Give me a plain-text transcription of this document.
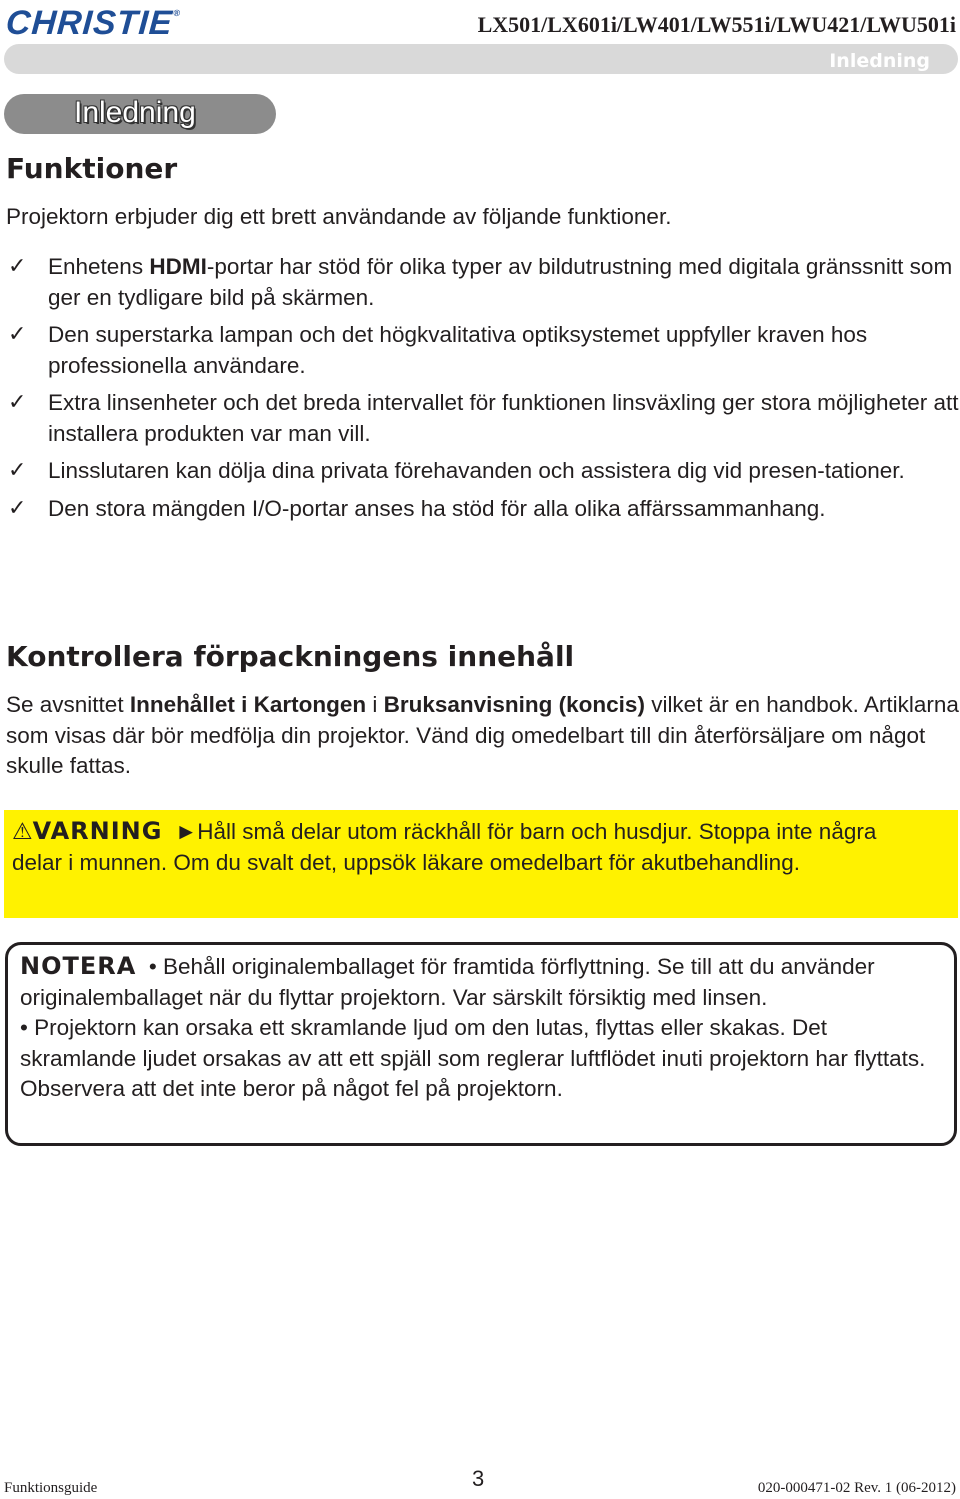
CHRISTIE®	LX501/LX601i/LW401/LW551i/LWU421/LWU501i
Inledning
Inledning
Funktioner
Projektorn erbjuder dig ett brett användande av följande funktioner.
✓ Enhetens HDMI-portar har stöd för olika typer av bildutrustning med digitala gränssnitt som ger en tydligare bild på skärmen.
✓ Den superstarka lampan och det högkvalitativa optiksystemet uppfyller kraven hos professionella användare.
✓ Extra linsenheter och det breda intervallet för funktionen linsväxling ger stora möjligheter att installera produkten var man vill.
✓ Linsslutaren kan dölja dina privata förehavanden och assistera dig vid presen-tationer.
✓ Den stora mängden I/O-portar anses ha stöd för alla olika affärssammanhang.
Kontrollera förpackningens innehåll
Se avsnittet Innehållet i Kartongen i Bruksanvisning (koncis) vilket är en handbok. Artiklarna som visas där bör medfölja din projektor. Vänd dig omedelbart till din återförsäljare om något skulle fattas.
⚠VARNING ►Håll små delar utom räckhåll för barn och husdjur. Stoppa inte några delar i munnen. Om du svalt det, uppsök läkare omedelbart för akutbehandling.
NOTERA • Behåll originalemballaget för framtida förflyttning. Se till att du använder originalemballaget när du flyttar projektorn. Var särskilt försiktig med linsen.
• Projektorn kan orsaka ett skramlande ljud om den lutas, flyttas eller skakas. Det skramlande ljudet orsakas av att ett spjäll som reglerar luftflödet inuti projektorn har flyttats. Observera att det inte beror på något fel på projektorn.
Funktionsguide	3	020-000471-02 Rev. 1 (06-2012)
